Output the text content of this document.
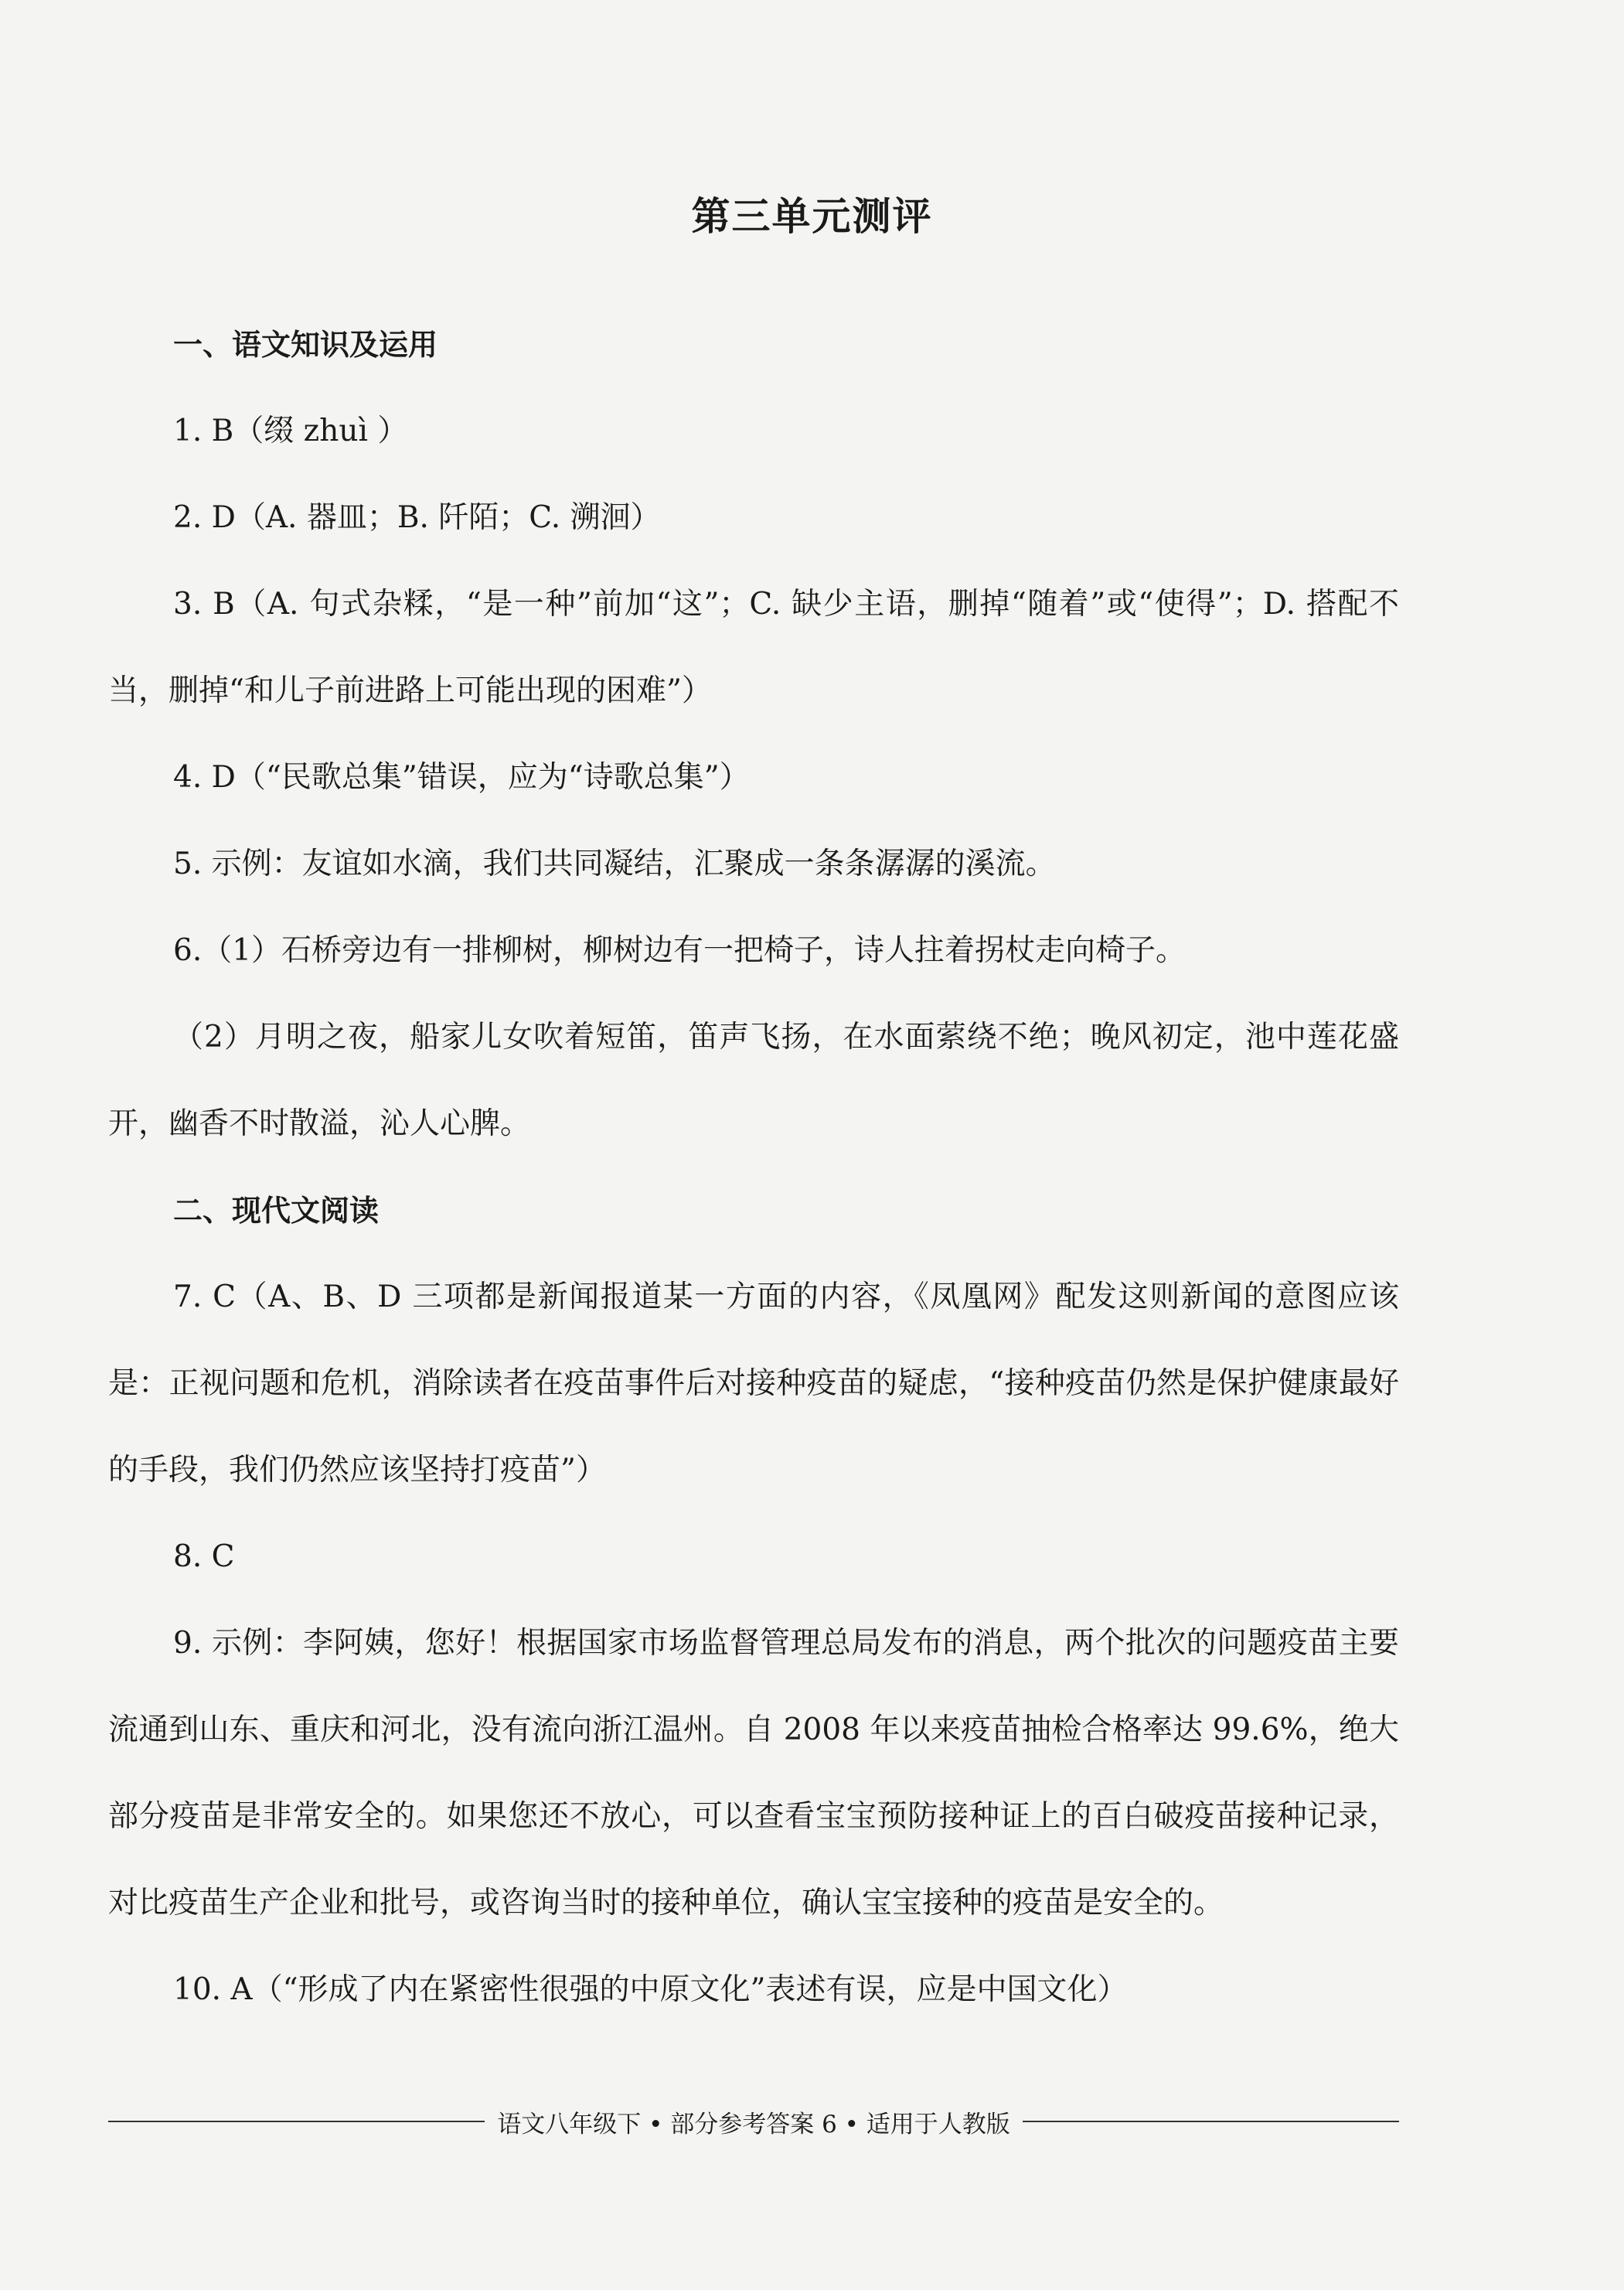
第三单元测评

一、语文知识及运用

1. B（缀 zhuì ）

2. D（A. 器皿；B. 阡陌；C. 溯洄）

3. B（A. 句式杂糅，“是一种”前加“这”；C. 缺少主语，删掉“随着”或“使得”；D. 搭配不当，删掉“和儿子前进路上可能出现的困难”）

4. D（“民歌总集”错误，应为“诗歌总集”）

5. 示例：友谊如水滴，我们共同凝结，汇聚成一条条潺潺的溪流。

6.（1）石桥旁边有一排柳树，柳树边有一把椅子，诗人拄着拐杖走向椅子。

（2）月明之夜，船家儿女吹着短笛，笛声飞扬，在水面萦绕不绝；晚风初定，池中莲花盛开，幽香不时散溢，沁人心脾。

二、现代文阅读

7. C（A、B、D 三项都是新闻报道某一方面的内容，《凤凰网》配发这则新闻的意图应该是：正视问题和危机，消除读者在疫苗事件后对接种疫苗的疑虑，“接种疫苗仍然是保护健康最好的手段，我们仍然应该坚持打疫苗”）

8. C

9. 示例：李阿姨，您好！根据国家市场监督管理总局发布的消息，两个批次的问题疫苗主要流通到山东、重庆和河北，没有流向浙江温州。自 2008 年以来疫苗抽检合格率达 99.6%，绝大部分疫苗是非常安全的。如果您还不放心，可以查看宝宝预防接种证上的百白破疫苗接种记录，对比疫苗生产企业和批号，或咨询当时的接种单位，确认宝宝接种的疫苗是安全的。

10. A（“形成了内在紧密性很强的中原文化”表述有误，应是中国文化）

语文八年级下 • 部分参考答案 6 • 适用于人教版
